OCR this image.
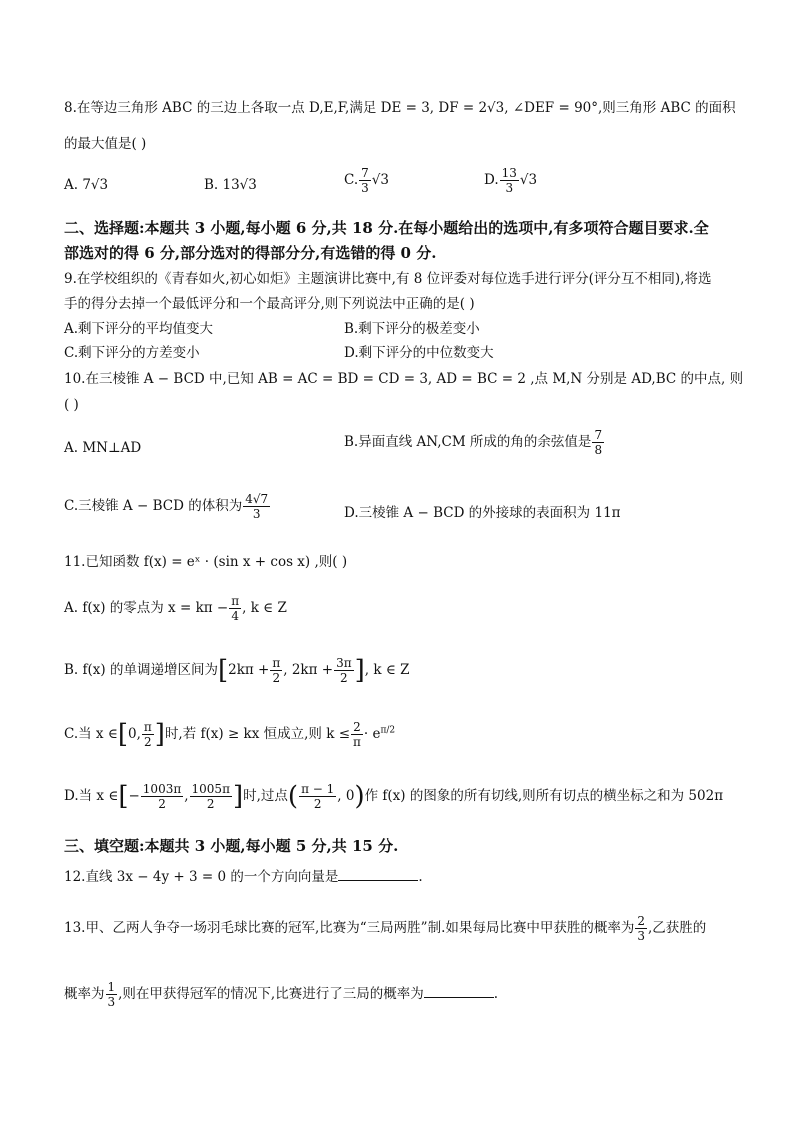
8.在等边三角形 ABC 的三边上各取一点 D,E,F,满足 DE = 3, DF = 2√3, ∠DEF = 90°,则三角形 ABC 的面积
的最大值是( )
A. 7√3	B. 13√3	C. $\frac{7}{3} √3$	D. $\frac{13}{3} √3$
二、选择题:本题共 3 小题,每小题 6 分,共 18 分.在每小题给出的选项中,有多项符合题目要求.全
部选对的得 6 分,部分选对的得部分分,有选错的得 0 分.
9.在学校组织的《青春如火,初心如炬》主题演讲比赛中,有 8 位评委对每位选手进行评分(评分互不相同),将选
手的得分去掉一个最低评分和一个最高评分,则下列说法中正确的是( )
A.剩下评分的平均值变大	B.剩下评分的极差变小
C.剩下评分的方差变小	D.剩下评分的中位数变大
10.在三棱锥 A − BCD 中,已知 AB = AC = BD = CD = 3, AD = BC = 2 ,点 M,N 分别是 AD,BC 的中点, 则
( )
A. MN⊥AD	B.异面直线 AN,CM 所成的角的余弦值是 $\frac{7}{8}$
C.三棱锥 A − BCD 的体积为 $\frac{4√7}{3}$	D.三棱锥 A − BCD 的外接球的表面积为 11π
11.已知函数 f(x) = eˣ · (sin x + cos x) ,则( )
A. f(x) 的零点为 $x = k\pi - \frac{\pi}{4}$ , k ∈ Z
B. f(x) 的单调递增区间为[$2k\pi + \frac{\pi}{2}$ , $2k\pi + \frac{3\pi}{2}$ ], k ∈ Z
C.当 x ∈[0, $\frac{\pi}{2}$ ]时,若 f(x) ≥ kx 恒成立,则 $k \le \frac{2}{\pi} \cdot e^{\pi/2}$
D.当 x ∈[− $\frac{1003\pi}{2}$ , $\frac{1005\pi}{2}$ ]时,过点( $\frac{\pi - 1}{2}$ , 0)作 f(x) 的图象的所有切线,则所有切点的横坐标之和为 502π
三、填空题:本题共 3 小题,每小题 5 分,共 15 分.
12.直线 3x − 4y + 3 = 0 的一个方向向量是	.
13.甲、乙两人争夺一场羽毛球比赛的冠军,比赛为“三局两胜”制.如果每局比赛中甲获胜的概率为 $\frac{2}{3}$ ,乙获胜的
概率为 $\frac{1}{3}$ ,则在甲获得冠军的情况下,比赛进行了三局的概率为	.
